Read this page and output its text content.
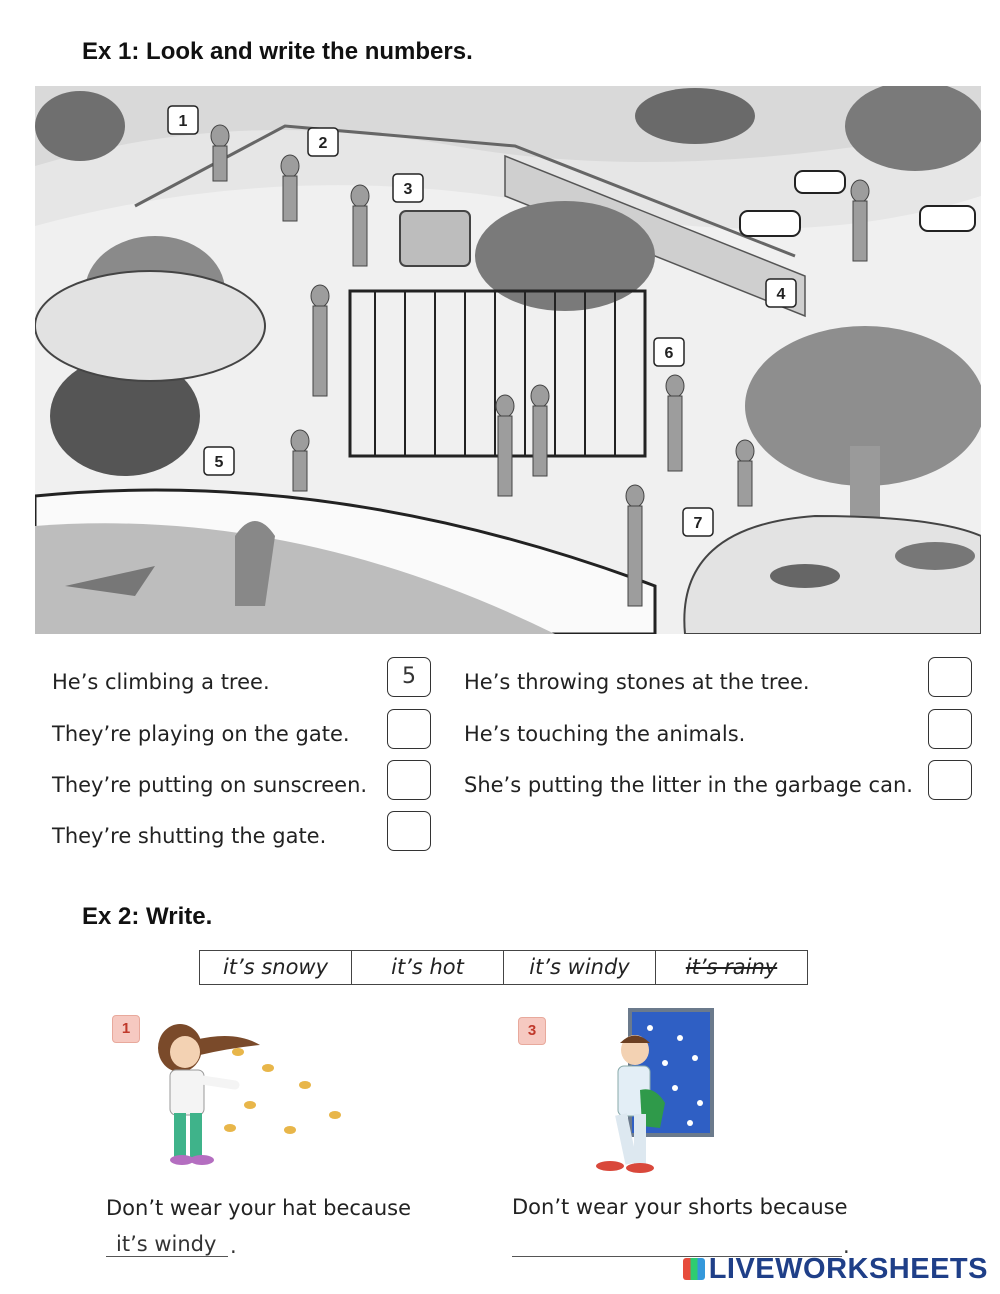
Ex 1: Look and write the numbers.
1
2
3
4
5
6
7
He’s climbing a tree.	5
They’re playing on the gate.
They’re putting on sunscreen.
They’re shutting the gate.
He’s throwing stones at the tree.
He’s touching the animals.
She’s putting the litter in the garbage can.
Ex 2: Write.
it’s snowy	it’s hot	it’s windy	it’s rainy
1
Don’t wear your hat because
it’s windy .
3
Don’t wear your shorts because
.
LIVEWORKSHEETS
